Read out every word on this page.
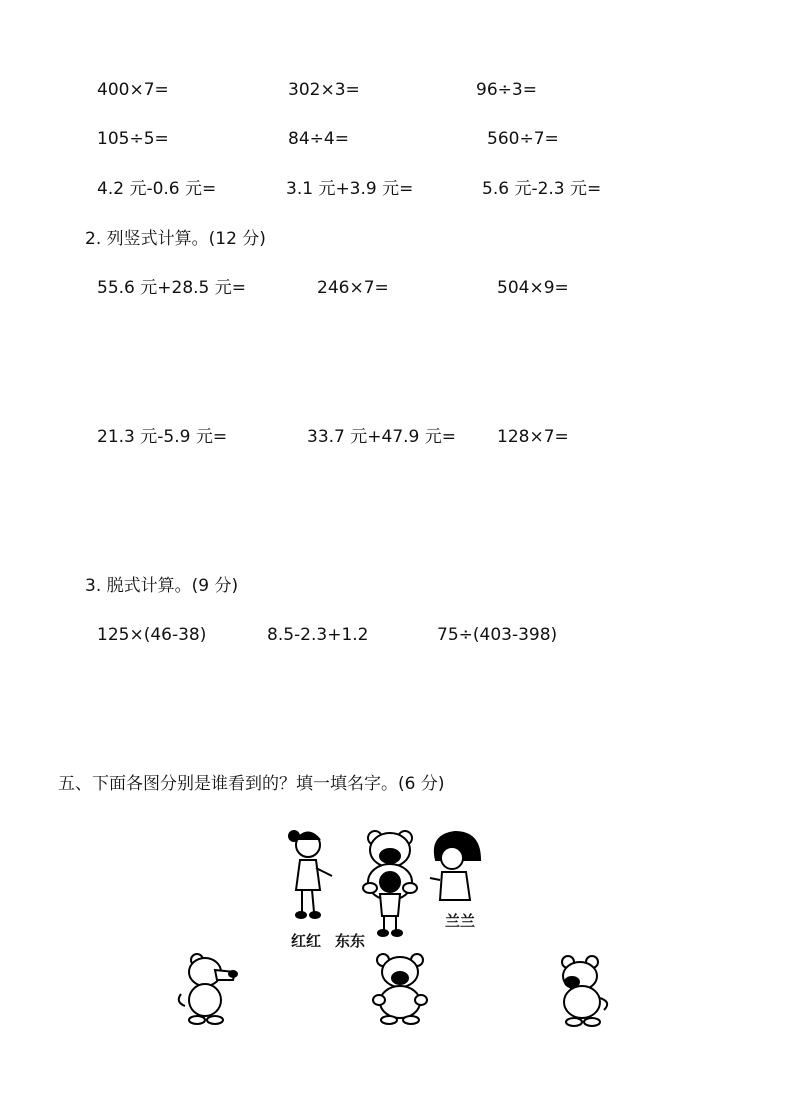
400×7=	302×3=	96÷3=
105÷5=	84÷4=	560÷7=
4.2 元-0.6 元=	3.1 元+3.9 元=	5.6 元-2.3 元=
2. 列竖式计算。(12 分)
55.6 元+28.5 元=	246×7=	504×9=
21.3 元-5.9 元=	33.7 元+47.9 元= 128×7=
3. 脱式计算。(9 分)
125×(46-38)	8.5-2.3+1.2	75÷(403-398)
五、下面各图分别是谁看到的？填一填名字。(6 分)
红红 东东
兰兰
